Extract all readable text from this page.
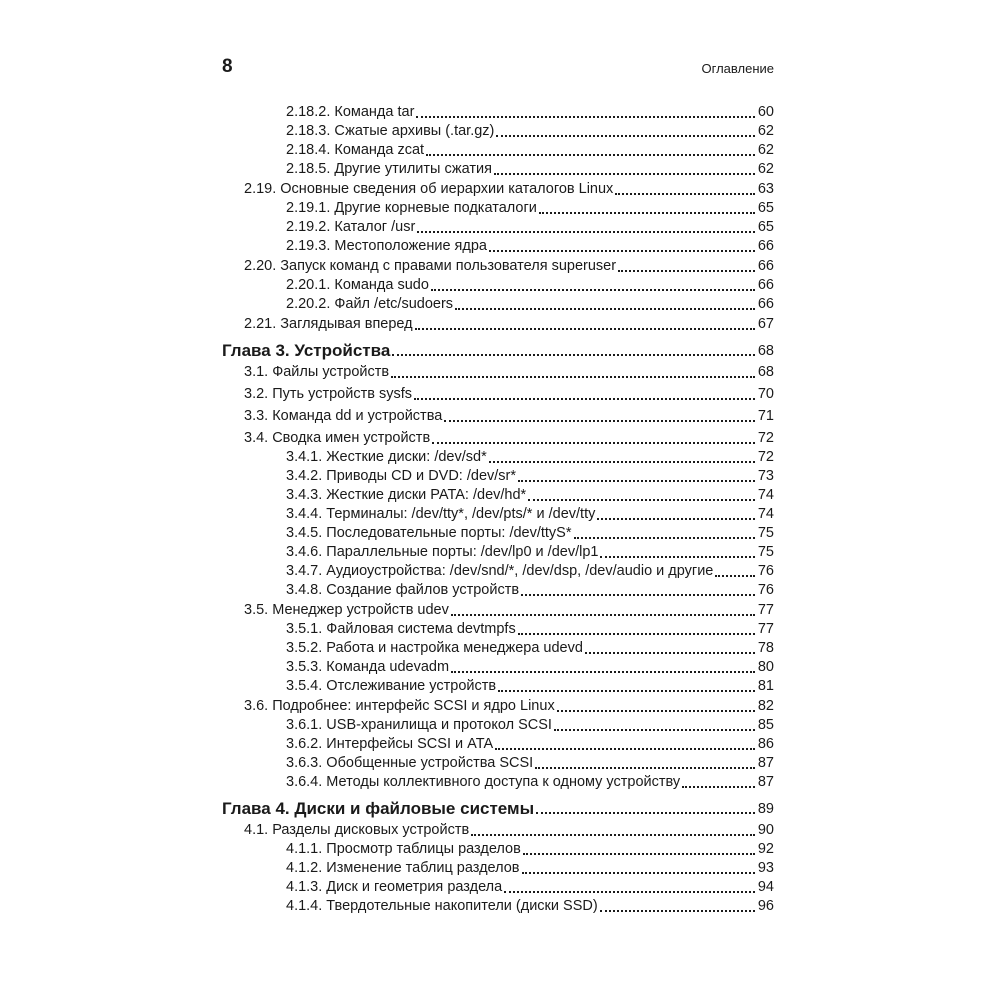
8	Оглавление
2.18.2. Команда tar	60
2.18.3. Сжатые архивы (.tar.gz)	62
2.18.4. Команда zcat	62
2.18.5. Другие утилиты сжатия	62
2.19. Основные сведения об иерархии каталогов Linux	63
2.19.1. Другие корневые подкаталоги	65
2.19.2. Каталог /usr	65
2.19.3. Местоположение ядра	66
2.20. Запуск команд с правами пользователя superuser	66
2.20.1. Команда sudo	66
2.20.2. Файл /etc/sudoers	66
2.21. Заглядывая вперед	67
Глава 3. Устройства	68
3.1. Файлы устройств	68
3.2. Путь устройств sysfs	70
3.3. Команда dd и устройства	71
3.4. Сводка имен устройств	72
3.4.1. Жесткие диски: /dev/sd*	72
3.4.2. Приводы CD и DVD: /dev/sr*	73
3.4.3. Жесткие диски PATA: /dev/hd*	74
3.4.4. Терминалы: /dev/tty*, /dev/pts/* и /dev/tty	74
3.4.5. Последовательные порты: /dev/ttyS*	75
3.4.6. Параллельные порты: /dev/lp0 и /dev/lp1	75
3.4.7. Аудиоустройства: /dev/snd/*, /dev/dsp, /dev/audio и другие	76
3.4.8. Создание файлов устройств	76
3.5. Менеджер устройств udev	77
3.5.1. Файловая система devtmpfs	77
3.5.2. Работа и настройка менеджера udevd	78
3.5.3. Команда udevadm	80
3.5.4. Отслеживание устройств	81
3.6. Подробнее: интерфейс SCSI и ядро Linux	82
3.6.1. USB-хранилища и протокол SCSI	85
3.6.2. Интерфейсы SCSI и ATA	86
3.6.3. Обобщенные устройства SCSI	87
3.6.4. Методы коллективного доступа к одному устройству	87
Глава 4. Диски и файловые системы	89
4.1. Разделы дисковых устройств	90
4.1.1. Просмотр таблицы разделов	92
4.1.2. Изменение таблиц разделов	93
4.1.3. Диск и геометрия раздела	94
4.1.4. Твердотельные накопители (диски SSD)	96
